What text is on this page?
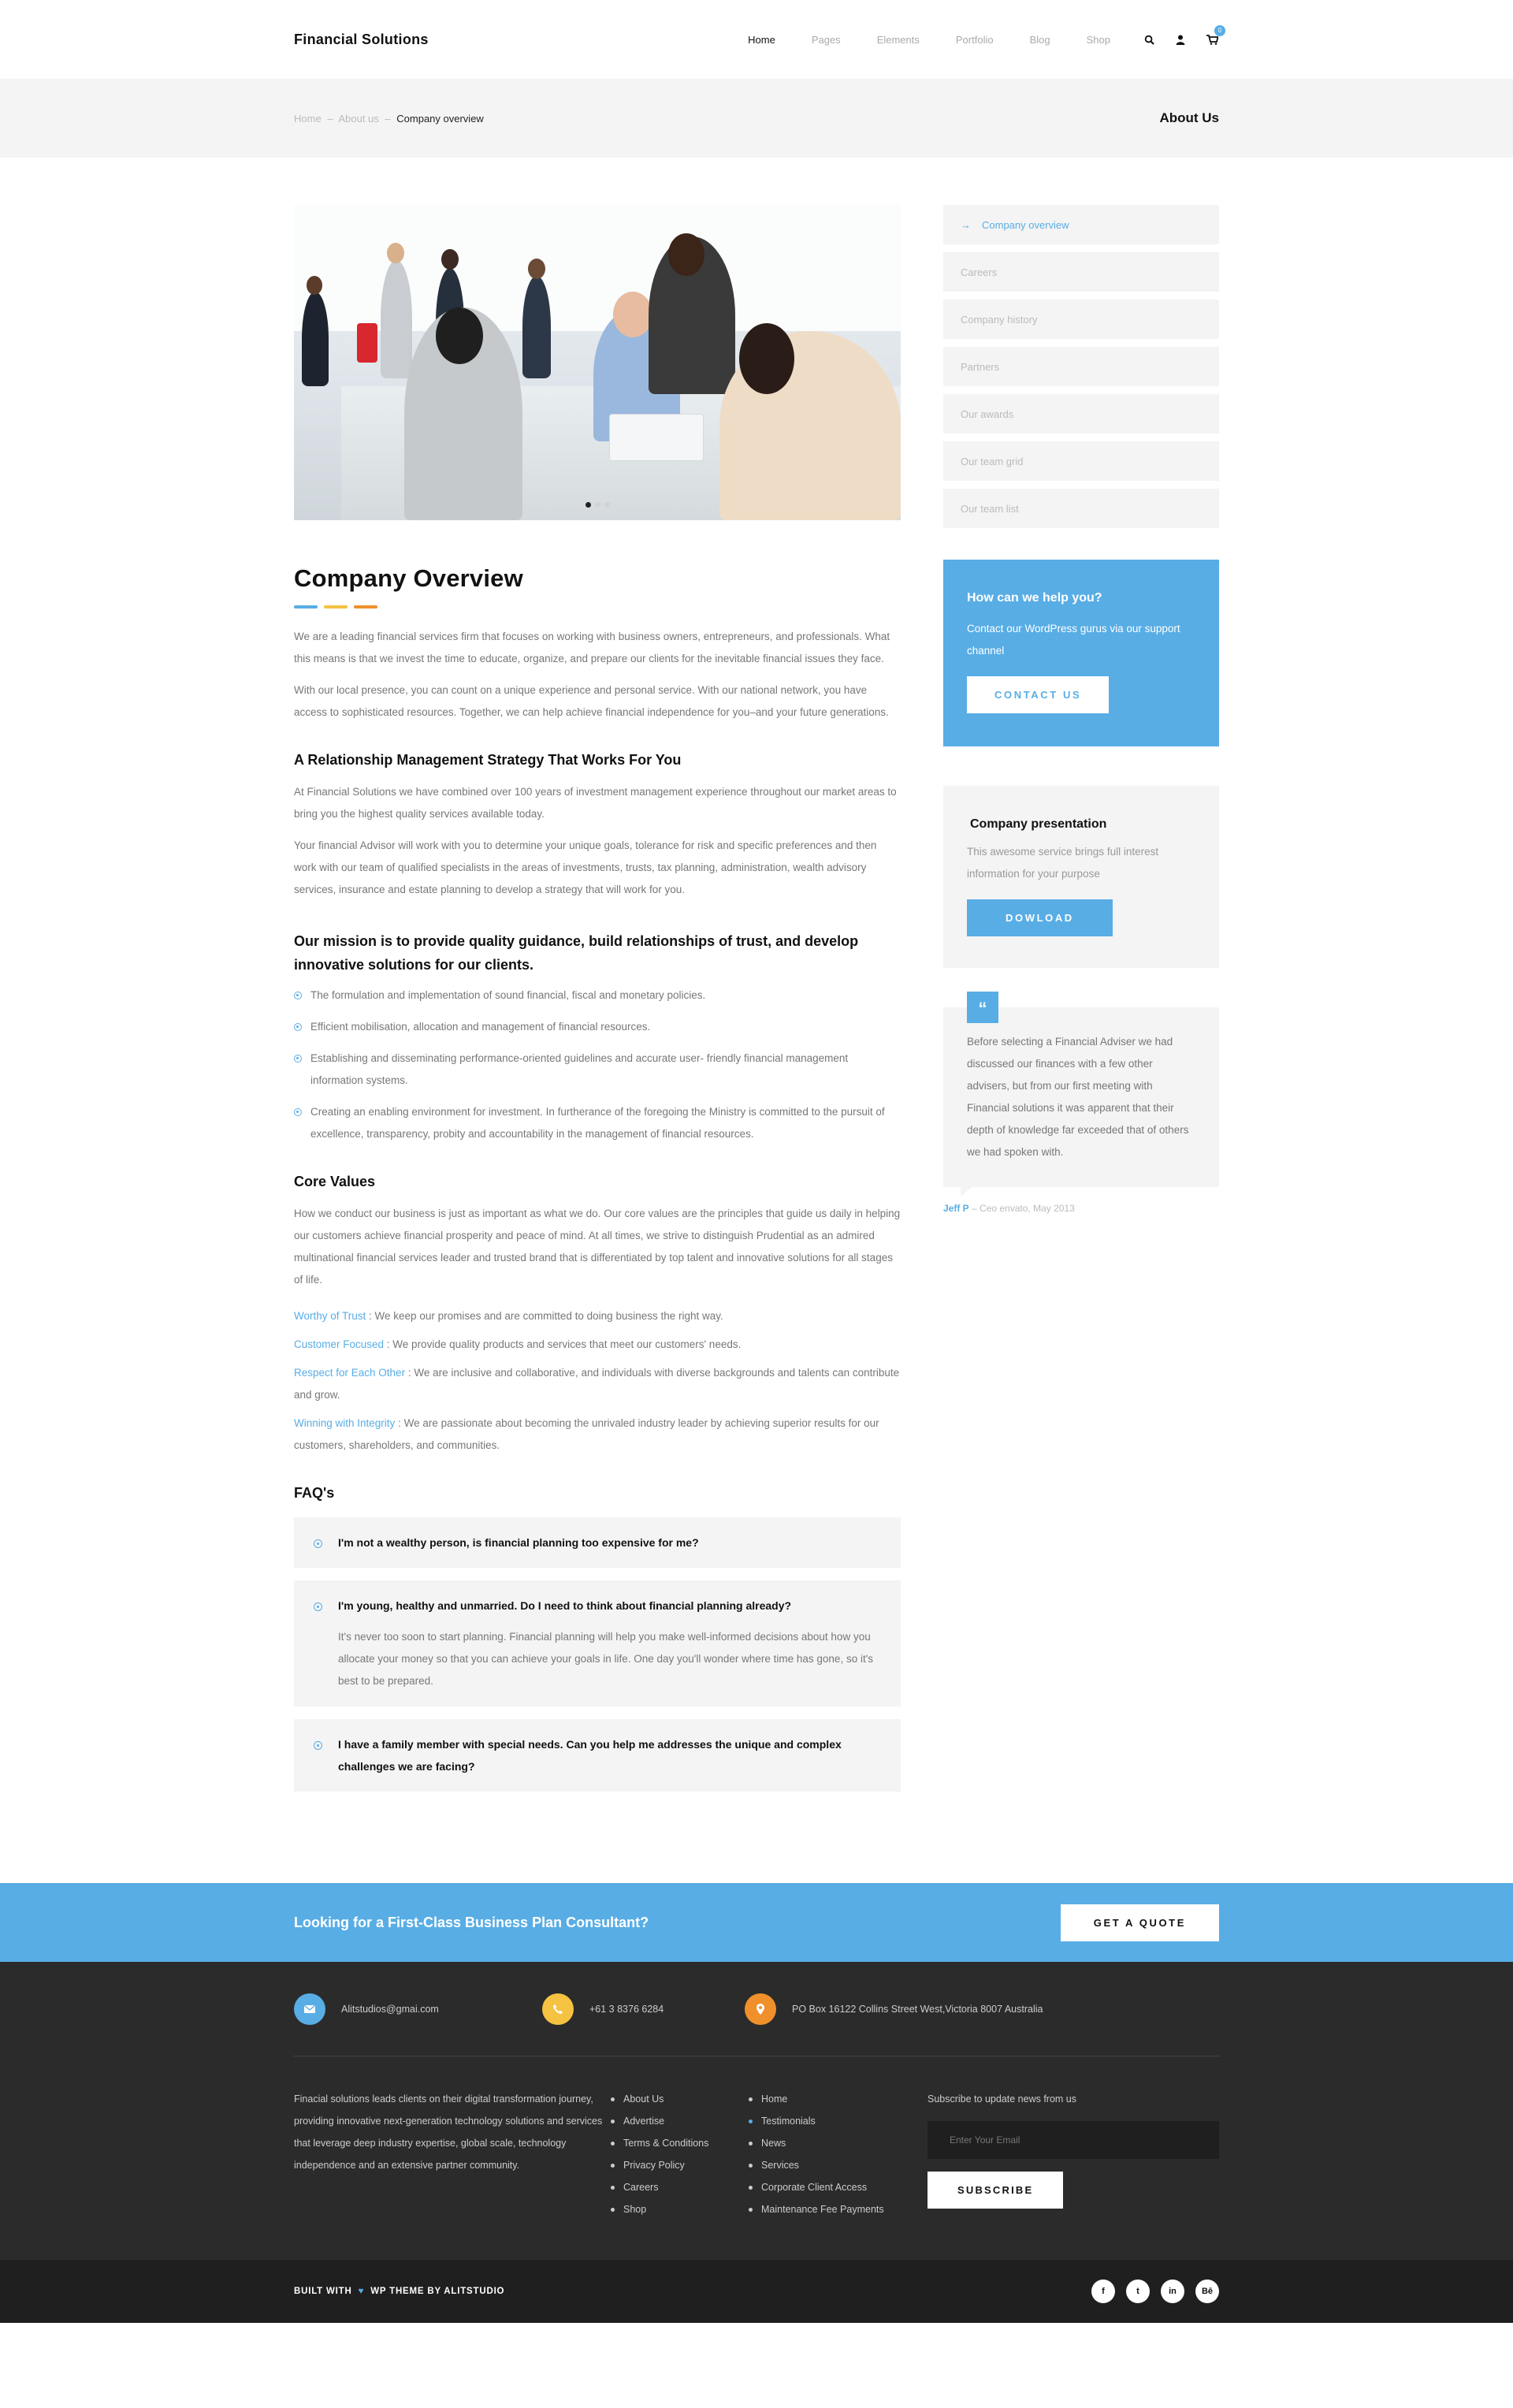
Financial Solutions	Home	Pages	Elements	Portfolio	Blog	Shop
0
Home – About us – Company overview	About Us
Company Overview

We are a leading financial services firm that focuses on working with business owners, entrepreneurs, and professionals. What this means is that we invest the time to educate, organize, and prepare our clients for the inevitable financial issues they face.

With our local presence, you can count on a unique experience and personal service. With our national network, you have access to sophisticated resources. Together, we can help achieve financial independence for you–and your future generations.

A Relationship Management Strategy That Works For You

At Financial Solutions we have combined over 100 years of investment management experience throughout our market areas to bring you the highest quality services available today.

Your financial Advisor will work with you to determine your unique goals, tolerance for risk and specific preferences and then work with our team of qualified specialists in the areas of investments, trusts, tax planning, administration, wealth advisory services, insurance and estate planning to develop a strategy that will work for you.

Our mission is to provide quality guidance, build relationships of trust, and develop innovative solutions for our clients.
The formulation and implementation of sound financial, fiscal and monetary policies.
Efficient mobilisation, allocation and management of financial resources.
Establishing and disseminating performance-oriented guidelines and accurate user- friendly financial management information systems.
Creating an enabling environment for investment. In furtherance of the foregoing the Ministry is committed to the pursuit of excellence, transparency, probity and accountability in the management of financial resources.
Core Values

How we conduct our business is just as important as what we do. Our core values are the principles that guide us daily in helping our customers achieve financial prosperity and peace of mind. At all times, we strive to distinguish Prudential as an admired multinational financial services leader and trusted brand that is differentiated by top talent and innovative solutions for all stages of life.

Worthy of Trust : We keep our promises and are committed to doing business the right way.
Customer Focused : We provide quality products and services that meet our customers' needs.
Respect for Each Other : We are inclusive and collaborative, and individuals with diverse backgrounds and talents can contribute and grow.
Winning with Integrity : We are passionate about becoming the unrivaled industry leader by achieving superior results for our customers, shareholders, and communities.
FAQ's
I'm not a wealthy person, is financial planning too expensive for me?
I'm young, healthy and unmarried. Do I need to think about financial planning already?
It's never too soon to start planning. Financial planning will help you make well-informed decisions about how you allocate your money so that you can achieve your goals in life. One day you'll wonder where time has gone, so it's best to be prepared.
I have a family member with special needs. Can you help me addresses the unique and complex challenges we are facing?
→ Company overview
Careers
Company history
Partners
Our awards
Our team grid
Our team list
How can we help you?

Contact our WordPress gurus via our support channel

CONTACT US
Company presentation

This awesome service brings full interest information for your purpose

DOWLOAD
“

Before selecting a Financial Adviser we had discussed our finances with a few other advisers, but from our first meeting with Financial solutions it was apparent that their depth of knowledge far exceeded that of others we had spoken with.

Jeff P – Ceo envato, May 2013
Looking for a First-Class Business Plan Consultant?	GET A QUOTE
Alitstudios@gmai.com	+61 3 8376 6284	PO Box 16122 Collins Street West,Victoria 8007 Australia
Finacial solutions leads clients on their digital transformation journey, providing innovative next-generation technology solutions and services that leverage deep industry expertise, global scale, technology independence and an extensive partner community.
About Us
Advertise
Terms & Conditions
Privacy Policy
Careers
Shop
Home
Testimonials
News
Services
Corporate Client Access
Maintenance Fee Payments
Subscribe to update news from us
Enter Your Email
SUBSCRIBE
BUILT WITH ♥ WP THEME BY ALITSTUDIO	f	t	in	Bē
